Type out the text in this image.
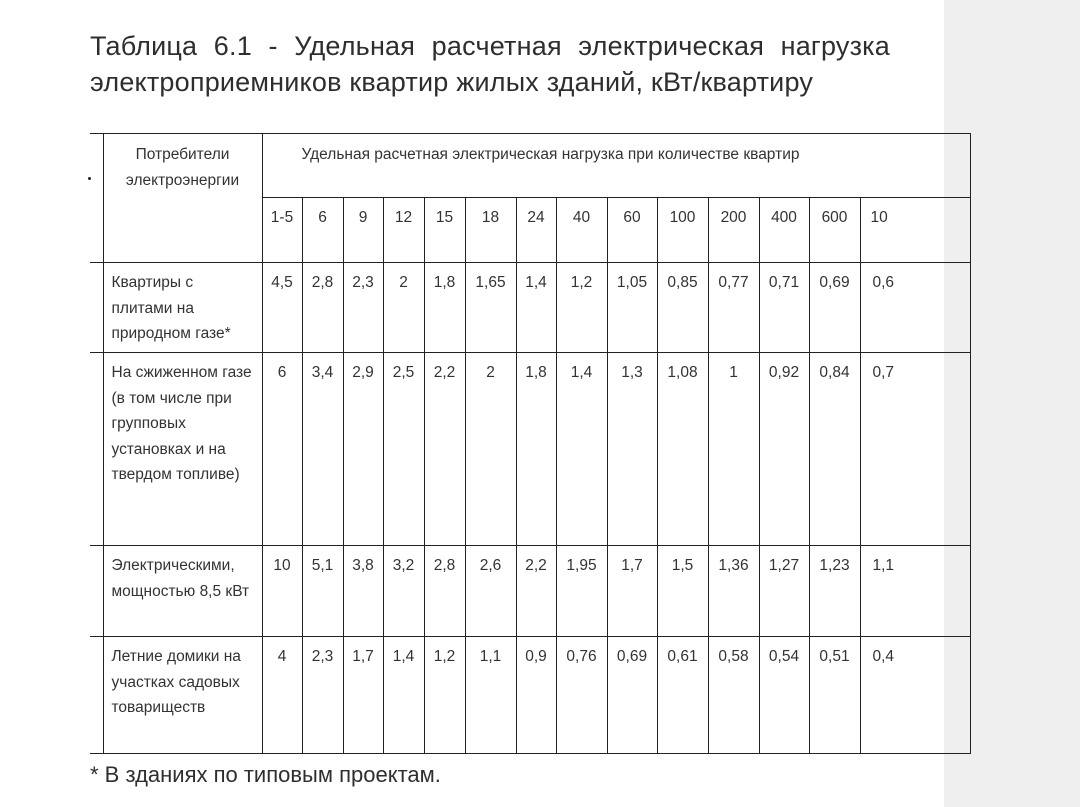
Таблица 6.1 - Удельная расчетная электрическая нагрузка электроприемников квартир жилых зданий, кВт/квартиру
	Потребители электроэнергии	Удельная расчетная электрическая нагрузка при количестве квартир													
		1-5	6	9	12	15	18	24	40	60	100	200	400	600	10
	Квартиры с плитами на природном газе*	4,5	2,8	2,3	2	1,8	1,65	1,4	1,2	1,05	0,85	0,77	0,71	0,69	0,6
	На сжиженном газе (в том числе при групповых установках и на твердом топливе)	6	3,4	2,9	2,5	2,2	2	1,8	1,4	1,3	1,08	1	0,92	0,84	0,7
	Электрическими, мощностью 8,5 кВт	10	5,1	3,8	3,2	2,8	2,6	2,2	1,95	1,7	1,5	1,36	1,27	1,23	1,1
	Летние домики на участках садовых товариществ	4	2,3	1,7	1,4	1,2	1,1	0,9	0,76	0,69	0,61	0,58	0,54	0,51	0,4
* В зданиях по типовым проектам.
